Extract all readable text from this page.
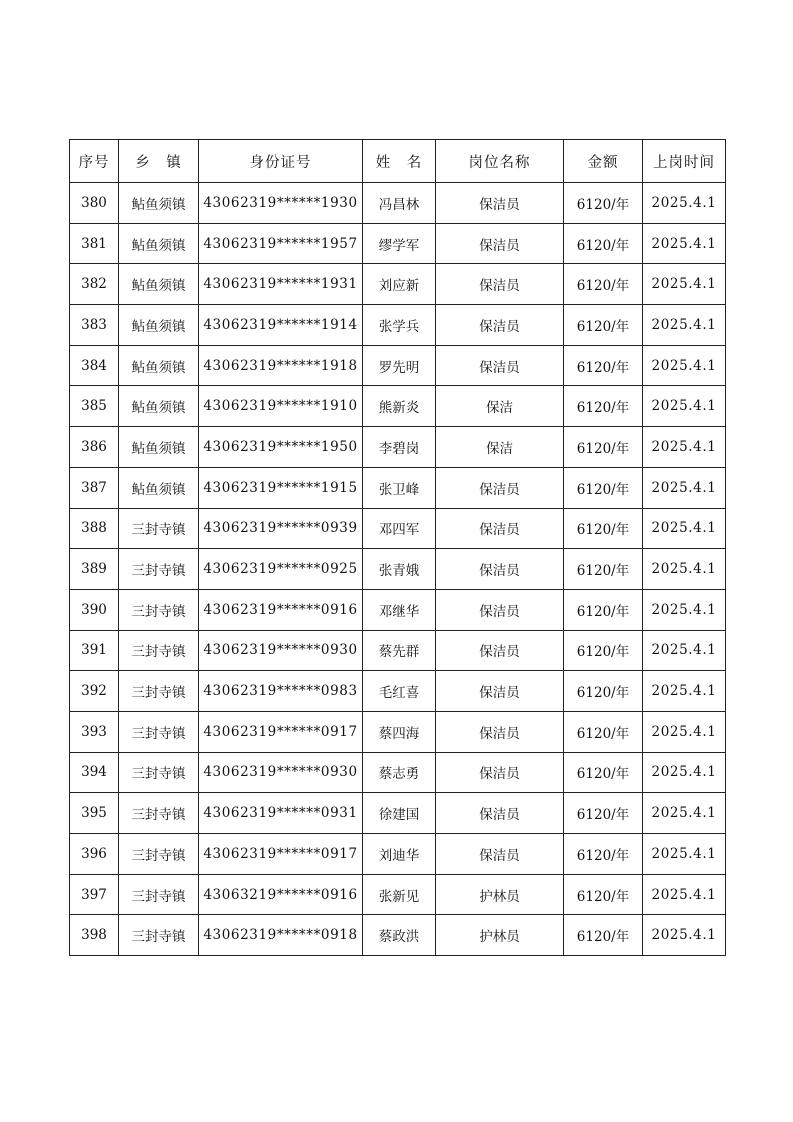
序号	乡　镇	身份证号	姓　名	岗位名称	金额	上岗时间
380	鲇鱼须镇	43062319******1930	冯昌林	保洁员	6120/年	2025.4.1
381	鲇鱼须镇	43062319******1957	缪学军	保洁员	6120/年	2025.4.1
382	鲇鱼须镇	43062319******1931	刘应新	保洁员	6120/年	2025.4.1
383	鲇鱼须镇	43062319******1914	张学兵	保洁员	6120/年	2025.4.1
384	鲇鱼须镇	43062319******1918	罗先明	保洁员	6120/年	2025.4.1
385	鲇鱼须镇	43062319******1910	熊新炎	保洁	6120/年	2025.4.1
386	鲇鱼须镇	43062319******1950	李碧岗	保洁	6120/年	2025.4.1
387	鲇鱼须镇	43062319******1915	张卫峰	保洁员	6120/年	2025.4.1
388	三封寺镇	43062319******0939	邓四军	保洁员	6120/年	2025.4.1
389	三封寺镇	43062319******0925	张青娥	保洁员	6120/年	2025.4.1
390	三封寺镇	43062319******0916	邓继华	保洁员	6120/年	2025.4.1
391	三封寺镇	43062319******0930	蔡先群	保洁员	6120/年	2025.4.1
392	三封寺镇	43062319******0983	毛红喜	保洁员	6120/年	2025.4.1
393	三封寺镇	43062319******0917	蔡四海	保洁员	6120/年	2025.4.1
394	三封寺镇	43062319******0930	蔡志勇	保洁员	6120/年	2025.4.1
395	三封寺镇	43062319******0931	徐建国	保洁员	6120/年	2025.4.1
396	三封寺镇	43062319******0917	刘迪华	保洁员	6120/年	2025.4.1
397	三封寺镇	43063219******0916	张新见	护林员	6120/年	2025.4.1
398	三封寺镇	43062319******0918	蔡政洪	护林员	6120/年	2025.4.1
